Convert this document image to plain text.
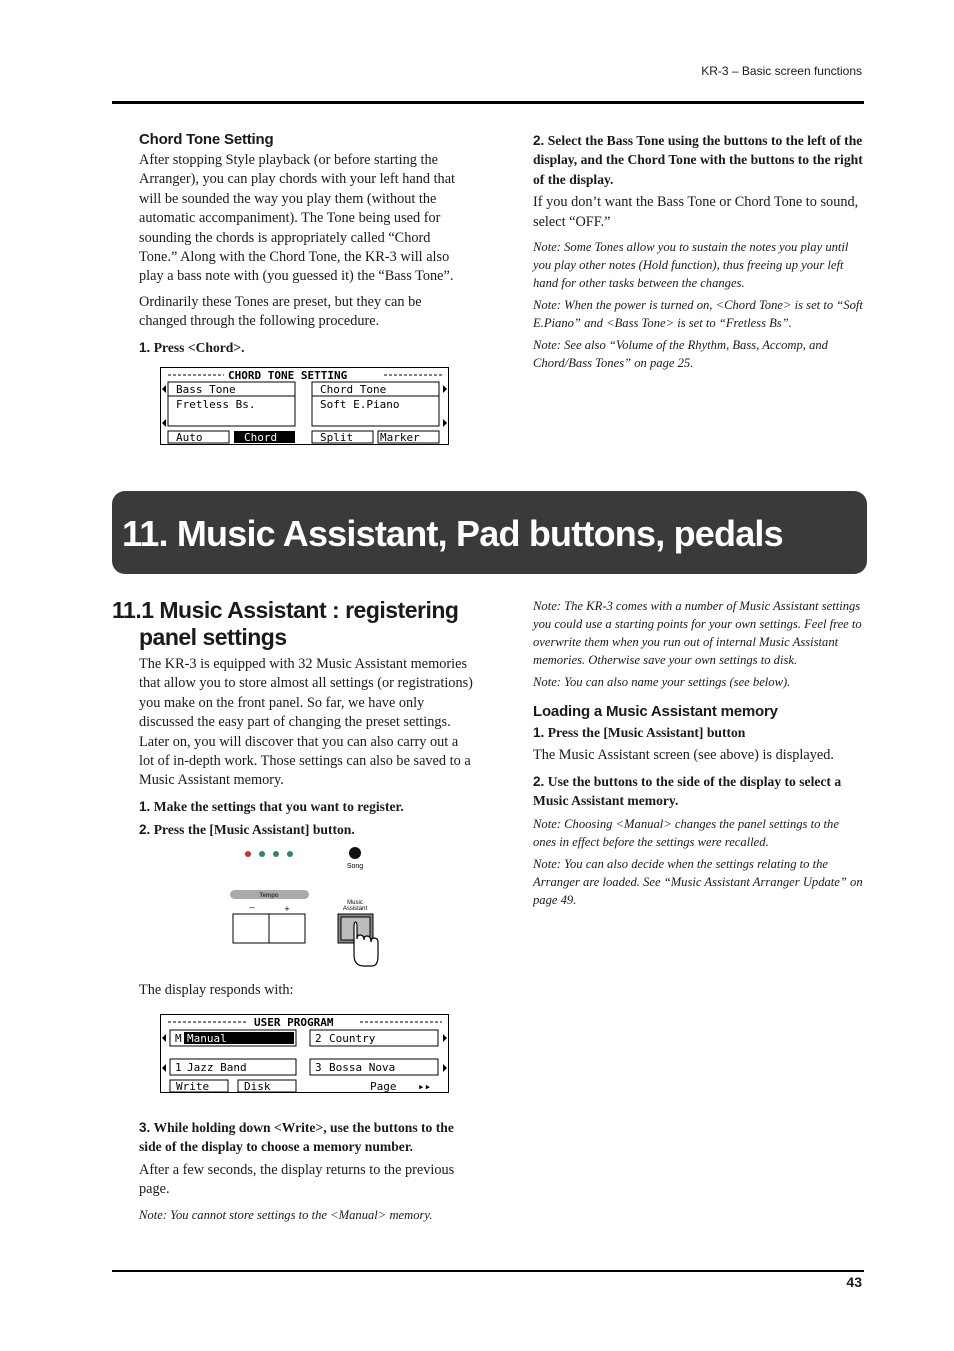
KR-3 – Basic screen functions
Chord Tone Setting

After stopping Style playback (or before starting the Arranger), you can play chords with your left hand that will be sounded the way you play them (without the automatic accompaniment). The Tone being used for sounding the chords is appropriately called “Chord Tone.” Along with the Chord Tone, the KR-3 will also play a bass note with (you guessed it) the “Bass Tone”.

Ordinarily these Tones are preset, but they can be changed through the following procedure.

1. Press <Chord>.
CHORD TONE SETTING
Bass Tone
Fretless Bs.
Chord Tone
Soft E.Piano
Auto	Chord	Split Marker
2. Select the Bass Tone using the buttons to the left of the display, and the Chord Tone with the buttons to the right of the display.

If you don’t want the Bass Tone or Chord Tone to sound, select “OFF.”

Note: Some Tones allow you to sustain the notes you play until you play other notes (Hold function), thus freeing up your left hand for other tasks between the changes.
Note: When the power is turned on, <Chord Tone> is set to “Soft E.Piano” and <Bass Tone> is set to “Fretless Bs”.
Note: See also “Volume of the Rhythm, Bass, Accomp, and Chord/Bass Tones” on page 25.
11. Music Assistant, Pad buttons, pedals
11.1 Music Assistant : registering
panel settings

The KR-3 is equipped with 32 Music Assistant memories that allow you to store almost all settings (or registrations) you make on the front panel. So far, we have only discussed the easy part of changing the preset settings. Later on, you will discover that you can also carry out a lot of in-depth work. Those settings can also be saved to a Music Assistant memory.

1. Make the settings that you want to register.
2. Press the [Music Assistant] button.
Song
Tempo
–	+
Music
Assistant

The display responds with:

USER PROGRAM
M Manual	2 Country
1 Jazz Band	3 Bossa Nova
Write	Disk	Page ▸▸
3. While holding down <Write>, use the buttons to the side of the display to choose a memory number.

After a few seconds, the display returns to the previous page.

Note: You cannot store settings to the <Manual> memory.
Note: The KR-3 comes with a number of Music Assistant settings you could use a starting points for your own settings. Feel free to overwrite them when you run out of internal Music Assistant memories. Otherwise save your own settings to disk.
Note: You can also name your settings (see below).
Loading a Music Assistant memory
1. Press the [Music Assistant] button

The Music Assistant screen (see above) is displayed.

2. Use the buttons to the side of the display to select a Music Assistant memory.
Note: Choosing <Manual> changes the panel settings to the ones in effect before the settings were recalled.
Note: You can also decide when the settings relating to the Arranger are loaded. See “Music Assistant Arranger Update” on page 49.
43
